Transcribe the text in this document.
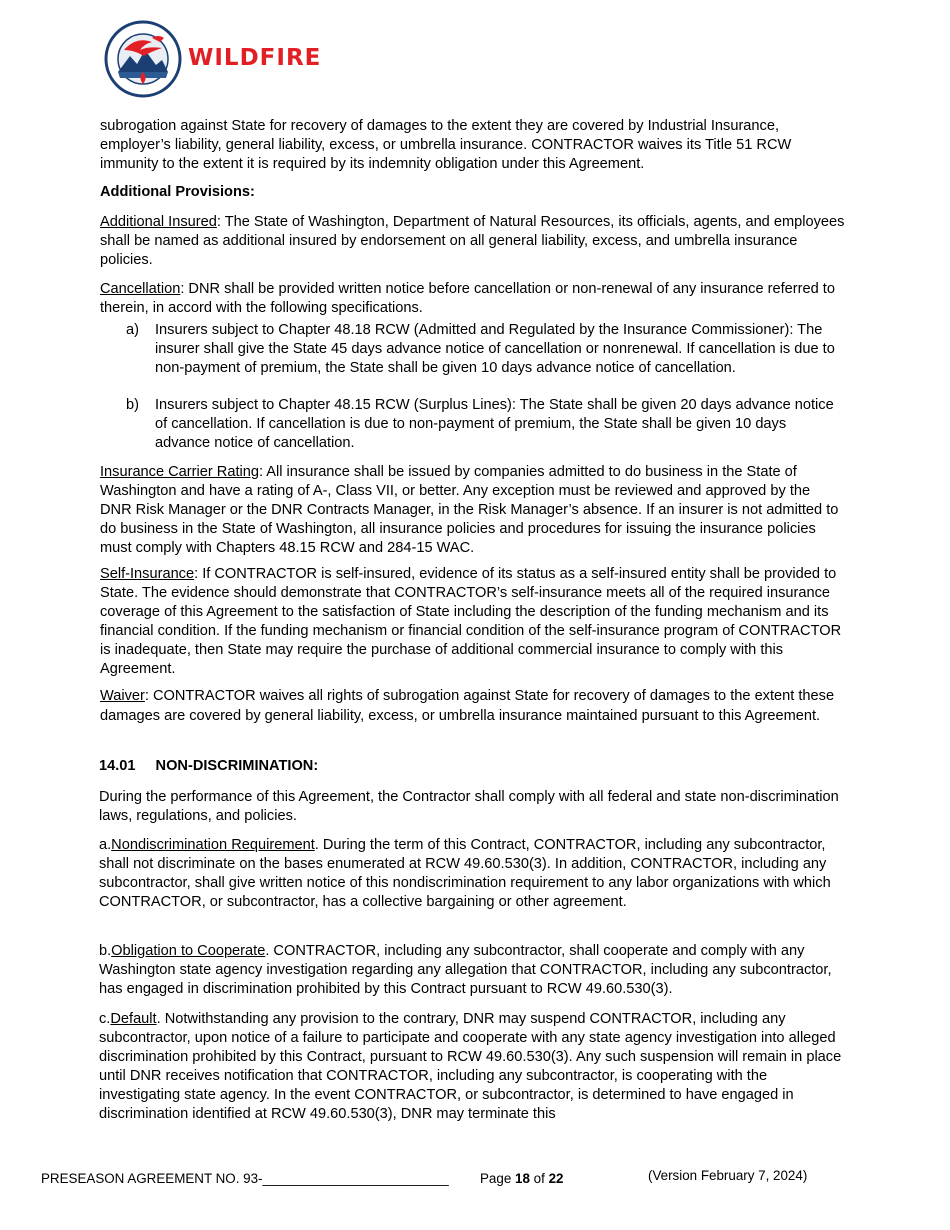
WILDFIRE

subrogation against State for recovery of damages to the extent they are covered by Industrial Insurance, employer’s liability, general liability, excess, or umbrella insurance. CONTRACTOR waives its Title 51 RCW immunity to the extent it is required by its indemnity obligation under this Agreement.

Additional Provisions:

Additional Insured: The State of Washington, Department of Natural Resources, its officials, agents, and employees shall be named as additional insured by endorsement on all general liability, excess, and umbrella insurance policies.

Cancellation: DNR shall be provided written notice before cancellation or non-renewal of any insurance referred to therein, in accord with the following specifications.

a) Insurers subject to Chapter 48.18 RCW (Admitted and Regulated by the Insurance Commissioner): The insurer shall give the State 45 days advance notice of cancellation or nonrenewal. If cancellation is due to non-payment of premium, the State shall be given 10 days advance notice of cancellation.
b) Insurers subject to Chapter 48.15 RCW (Surplus Lines): The State shall be given 20 days advance notice of cancellation. If cancellation is due to non-payment of premium, the State shall be given 10 days advance notice of cancellation.

Insurance Carrier Rating: All insurance shall be issued by companies admitted to do business in the State of Washington and have a rating of A-, Class VII, or better. Any exception must be reviewed and approved by the DNR Risk Manager or the DNR Contracts Manager, in the Risk Manager’s absence. If an insurer is not admitted to do business in the State of Washington, all insurance policies and procedures for issuing the insurance policies must comply with Chapters 48.15 RCW and 284-15 WAC.

Self-Insurance: If CONTRACTOR is self-insured, evidence of its status as a self-insured entity shall be provided to State. The evidence should demonstrate that CONTRACTOR’s self-insurance meets all of the required insurance coverage of this Agreement to the satisfaction of State including the description of the funding mechanism and its financial condition. If the funding mechanism or financial condition of the self-insurance program of CONTRACTOR is inadequate, then State may require the purchase of additional commercial insurance to comply with this Agreement.

Waiver: CONTRACTOR waives all rights of subrogation against State for recovery of damages to the extent these damages are covered by general liability, excess, or umbrella insurance maintained pursuant to this Agreement.

14.01 NON-DISCRIMINATION:

During the performance of this Agreement, the Contractor shall comply with all federal and state non-discrimination laws, regulations, and policies.

a.Nondiscrimination Requirement. During the term of this Contract, CONTRACTOR, including any subcontractor, shall not discriminate on the bases enumerated at RCW 49.60.530(3). In addition, CONTRACTOR, including any subcontractor, shall give written notice of this nondiscrimination requirement to any labor organizations with which CONTRACTOR, or subcontractor, has a collective bargaining or other agreement.

b.Obligation to Cooperate. CONTRACTOR, including any subcontractor, shall cooperate and comply with any Washington state agency investigation regarding any allegation that CONTRACTOR, including any subcontractor, has engaged in discrimination prohibited by this Contract pursuant to RCW 49.60.530(3).

c.Default. Notwithstanding any provision to the contrary, DNR may suspend CONTRACTOR, including any subcontractor, upon notice of a failure to participate and cooperate with any state agency investigation into alleged discrimination prohibited by this Contract, pursuant to RCW 49.60.530(3). Any such suspension will remain in place until DNR receives notification that CONTRACTOR, including any subcontractor, is cooperating with the investigating state agency. In the event CONTRACTOR, or subcontractor, is determined to have engaged in discrimination identified at RCW 49.60.530(3), DNR may terminate this

PRESEASON AGREEMENT NO. 93-_________________________ Page 18 of 22	(Version February 7, 2024)
